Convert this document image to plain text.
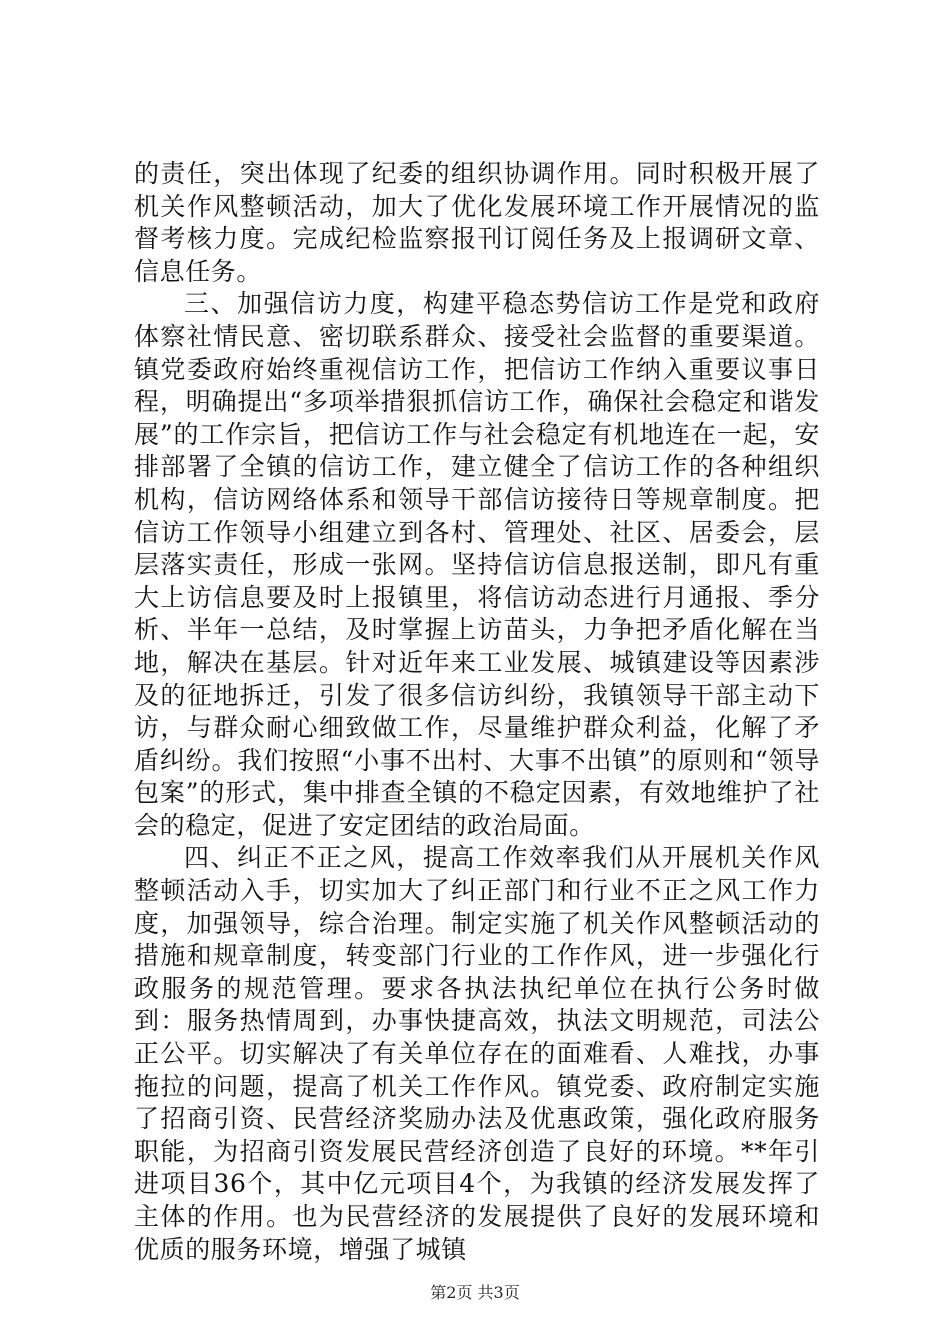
的责任，突出体现了纪委的组织协调作用。同时积极开展了机关作风整顿活动，加大了优化发展环境工作开展情况的监督考核力度。完成纪检监察报刊订阅任务及上报调研文章、信息任务。

三、加强信访力度，构建平稳态势信访工作是党和政府体察社情民意、密切联系群众、接受社会监督的重要渠道。镇党委政府始终重视信访工作，把信访工作纳入重要议事日程，明确提出“多项举措狠抓信访工作，确保社会稳定和谐发展”的工作宗旨，把信访工作与社会稳定有机地连在一起，安排部署了全镇的信访工作，建立健全了信访工作的各种组织机构，信访网络体系和领导干部信访接待日等规章制度。把信访工作领导小组建立到各村、管理处、社区、居委会，层层落实责任，形成一张网。坚持信访信息报送制，即凡有重大上访信息要及时上报镇里，将信访动态进行月通报、季分析、半年一总结，及时掌握上访苗头，力争把矛盾化解在当地，解决在基层。针对近年来工业发展、城镇建设等因素涉及的征地拆迁，引发了很多信访纠纷，我镇领导干部主动下访，与群众耐心细致做工作，尽量维护群众利益，化解了矛盾纠纷。我们按照“小事不出村、大事不出镇”的原则和“领导包案”的形式，集中排查全镇的不稳定因素，有效地维护了社会的稳定，促进了安定团结的政治局面。

四、纠正不正之风，提高工作效率我们从开展机关作风整顿活动入手，切实加大了纠正部门和行业不正之风工作力度，加强领导，综合治理。制定实施了机关作风整顿活动的措施和规章制度，转变部门行业的工作作风，进一步强化行政服务的规范管理。要求各执法执纪单位在执行公务时做到：服务热情周到，办事快捷高效，执法文明规范，司法公正公平。切实解决了有关单位存在的面难看、人难找，办事拖拉的问题，提高了机关工作作风。镇党委、政府制定实施了招商引资、民营经济奖励办法及优惠政策，强化政府服务职能，为招商引资发展民营经济创造了良好的环境。**年引进项目36个，其中亿元项目4个，为我镇的经济发展发挥了主体的作用。也为民营经济的发展提供了良好的发展环境和优质的服务环境，增强了城镇

第2页 共3页
